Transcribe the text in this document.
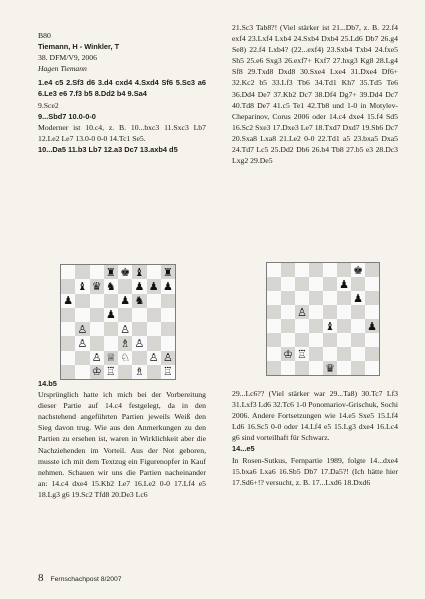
B80

Tiemann, H - Winkler, T

38. DFM/V9, 2006

Hagen Tiemann

1.e4 c5 2.Sf3 d6 3.d4 cxd4 4.Sxd4 Sf6 5.Sc3 a6 6.Le3 e6 7.f3 b5 8.Dd2 b4 9.Sa4

9.Sce2

9...Sbd7 10.0-0-0

Moderner ist 10.c4, z. B. 10...bxc3 11.Sxc3 Lb7 12.Le2 Le7 13.0-0 0-0 14.Tc1 Se5.

10...Da5 11.b3 Lb7 12.a3 Dc7 13.axb4 d5

21.Sc3 Tab8?! (Viel stärker ist 21...Db7, z. B. 22.f4 exf4 23.Lxf4 Lxb4 24.Sxb4 Dxb4 25.Ld6 Db7 26.g4 Se8) 22.f4 Lxb4? (22...exf4) 23.Sxb4 Txb4 24.fxe5 Sh5 25.e6 Sxg3 26.exf7+ Kxf7 27.hxg3 Kg8 28.Lg4 Sf8 29.Txd8 Dxd8 30.Sxe4 Lxe4 31.Dxe4 Df6+ 32.Kc2 b5 33.Lf3 Tb6 34.Td1 Kh7 35.Td5 Te6 36.Dd4 De7 37.Kb2 Dc7 38.Df4 Dg7+ 39.Dd4 Dc7 40.Td8 De7 41.c5 Te1 42.Tb8 und 1-0 in Motylev-Cheparinov, Corus 2006 oder 14.c4 dxe4 15.f4 Sd5 16.Sc2 Sxe3 17.Dxe3 Le7 18.Txd7 Dxd7 19.Sb6 Dc7 20.Sxa8 Lxa8 21.Le2 0-0 22.Td1 a5 23.bxa5 Dxa5 24.Td7 Lc5 25.Dd2 Db6 26.b4 Tb8 27.b5 e3 28.Dc3 Lxg2 29.De5

♜ ♚ ♝ ♜
♝ ♛ ♞ ♟ ♟ ♟
♟	♟ ♞
♟
♙	♙
♙	♗ ♙
♙ ♕ ♘ ♙ ♙
♔ ♖ ♗ ♖
♚
♟
♟
♙
♝	♟
♔ ♖
♛

14.b5

Ursprünglich hatte ich mich bei der Vorbereitung dieser Partie auf 14.c4 festgelegt, da in den nachstehend angeführten Partien jeweils Weiß den Sieg davon trug. Wie aus den Anmerkungen zu den Partien zu ersehen ist, waren in Wirklichkeit aber die Nachziehenden im Vorteil. Aus der Not geboren, musste ich mit dem Textzug ein Figurenopfer in Kauf nehmen. Schauen wir uns die Partien nacheinander an: 14.c4 dxe4 15.Kb2 Le7 16.Le2 0-0 17.Lf4 e5 18.Lg3 g6 19.Sc2 Tfd8 20.De3 Lc6

29...Lc6?? (Viel stärker war 29...Ta8) 30.Tc7 Lf3 31.Lxf3 Ld6 32.Tc6 1-0 Ponomariov-Grischuk, Sochi 2006. Andere Fortsetzungen wie 14.e5 Sxe5 15.Lf4 Ld6 16.Sc5 0-0 oder 14.Lf4 e5 15.Lg3 dxe4 16.Lc4 g6 sind vorteilhaft für Schwarz.

14...e5

In Rosen-Sutkus, Fernpartie 1989, folgte 14...dxe4 15.bxa6 Lxa6 16.Sb5 Db7 17.Da5?! (Ich hätte hier 17.Sd6+!? versucht, z. B. 17...Lxd6 18.Dxd6

8 Fernschachpost 8/2007
